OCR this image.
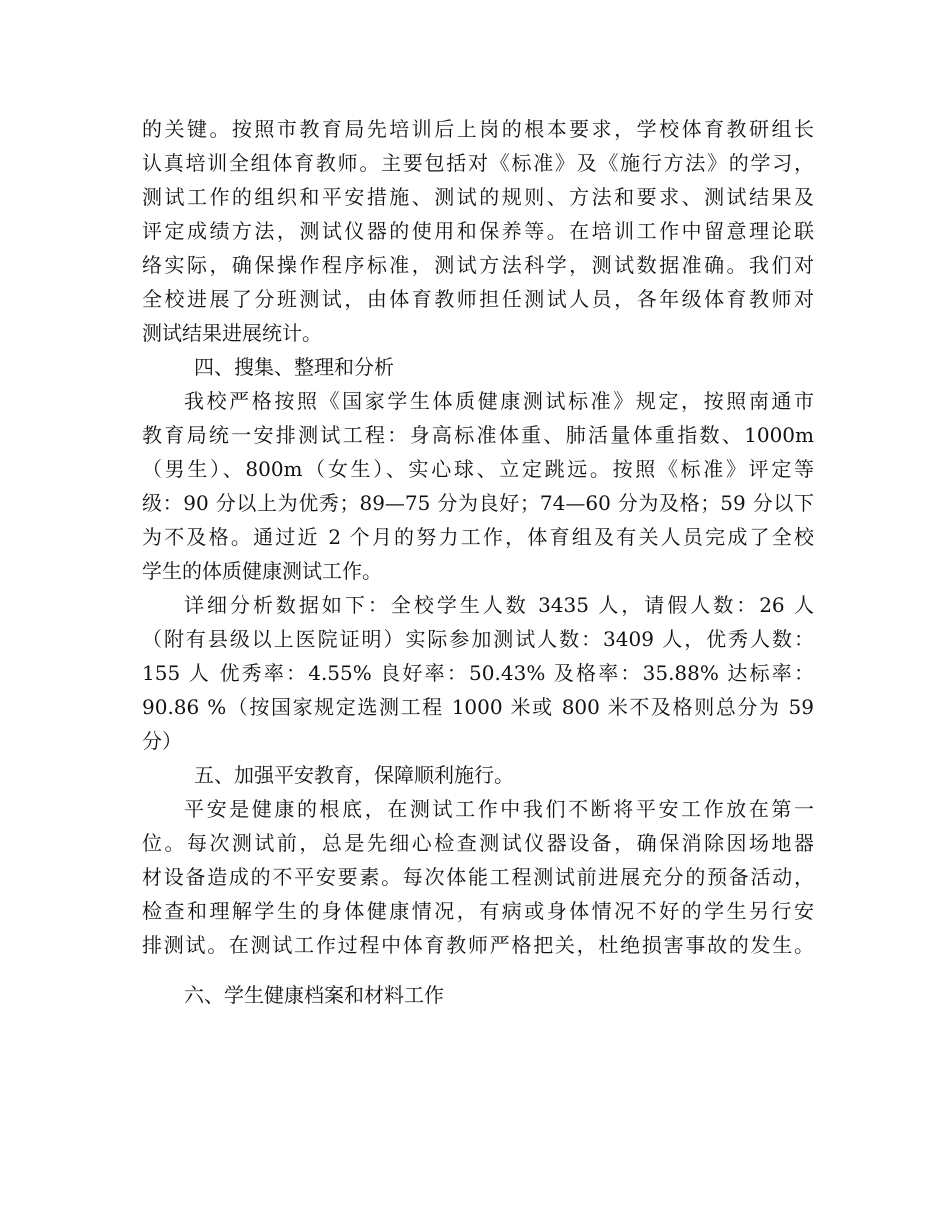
的关键。按照市教育局先培训后上岗的根本要求，学校体育教研组长
认真培训全组体育教师。主要包括对《标准》及《施行方法》的学习，
测试工作的组织和平安措施、测试的规则、方法和要求、测试结果及
评定成绩方法，测试仪器的使用和保养等。在培训工作中留意理论联
络实际，确保操作程序标准，测试方法科学，测试数据准确。我们对
全校进展了分班测试，由体育教师担任测试人员，各年级体育教师对
测试结果进展统计。
四、搜集、整理和分析
我校严格按照《国家学生体质健康测试标准》规定，按照南通市
教育局统一安排测试工程：身高标准体重、肺活量体重指数、1000m
（男生）、800m（女生）、实心球、立定跳远。按照《标准》评定等
级：90 分以上为优秀；89—75 分为良好；74—60 分为及格；59 分以下
为不及格。通过近 2 个月的努力工作，体育组及有关人员完成了全校
学生的体质健康测试工作。
详细分析数据如下：全校学生人数 3435 人，请假人数：26 人
（附有县级以上医院证明）实际参加测试人数：3409 人，优秀人数：
155 人 优秀率：4.55% 良好率：50.43% 及格率：35.88% 达标率：
90.86 %（按国家规定选测工程 1000 米或 800 米不及格则总分为 59
分）
五、加强平安教育，保障顺利施行。
平安是健康的根底，在测试工作中我们不断将平安工作放在第一
位。每次测试前，总是先细心检查测试仪器设备，确保消除因场地器
材设备造成的不平安要素。每次体能工程测试前进展充分的预备活动，
检查和理解学生的身体健康情况，有病或身体情况不好的学生另行安
排测试。在测试工作过程中体育教师严格把关，杜绝损害事故的发生。
六、学生健康档案和材料工作
